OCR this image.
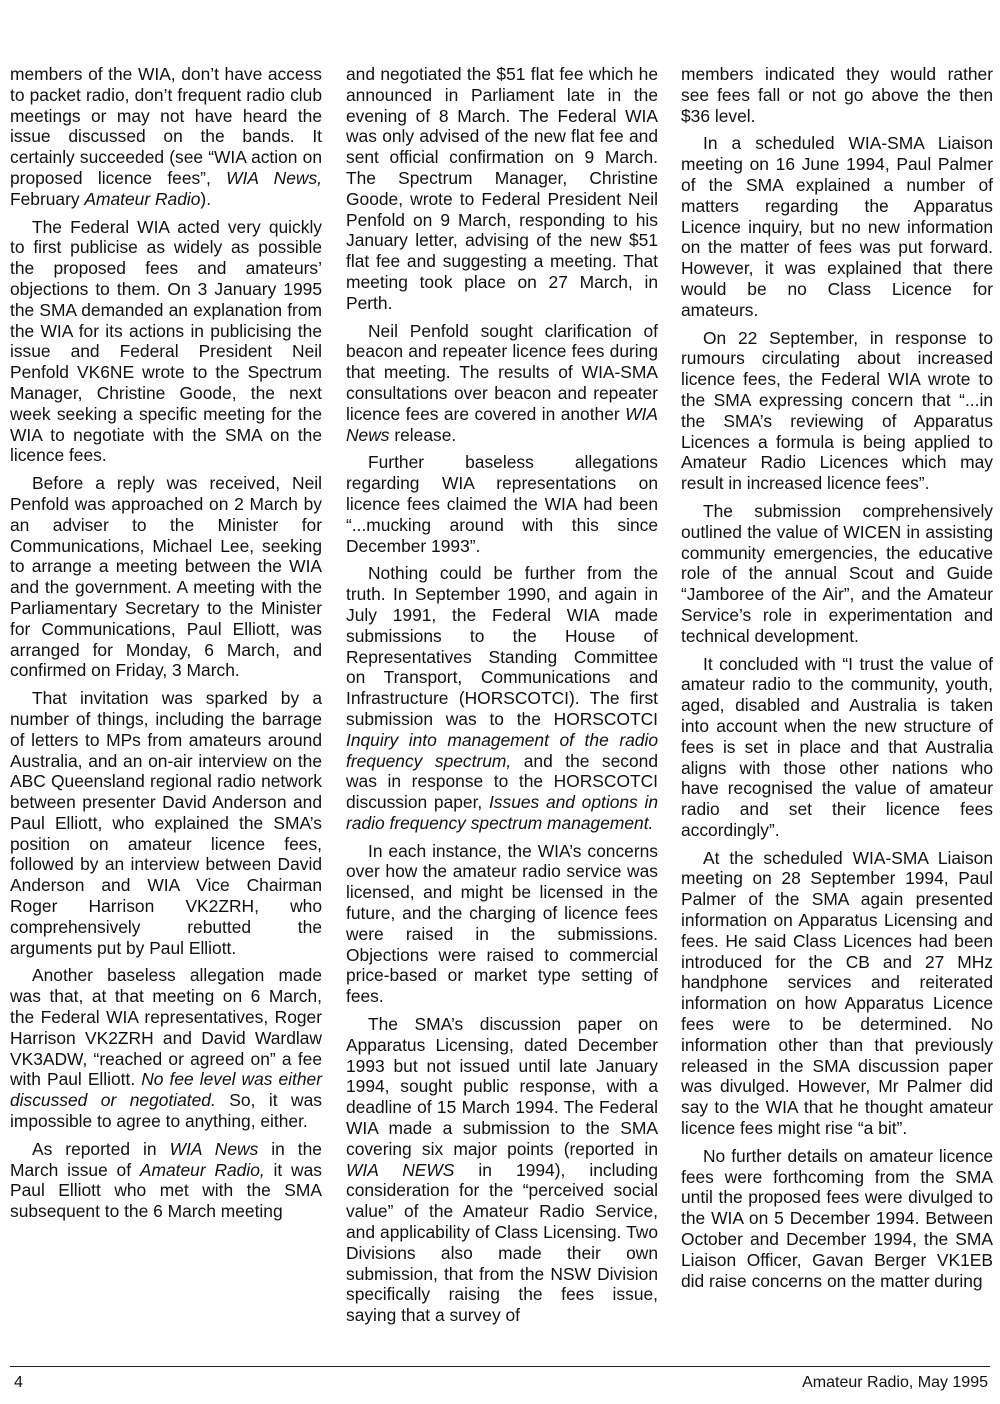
members of the WIA, don’t have access to packet radio, don’t frequent radio club meetings or may not have heard the issue discussed on the bands. It certainly succeeded (see “WIA action on proposed licence fees”, WIA News, February Amateur Radio).

The Federal WIA acted very quickly to first publicise as widely as possible the proposed fees and amateurs’ objections to them. On 3 January 1995 the SMA demanded an explanation from the WIA for its actions in publicising the issue and Federal President Neil Penfold VK6NE wrote to the Spectrum Manager, Christine Goode, the next week seeking a specific meeting for the WIA to negotiate with the SMA on the licence fees.

Before a reply was received, Neil Penfold was approached on 2 March by an adviser to the Minister for Communications, Michael Lee, seeking to arrange a meeting between the WIA and the government. A meeting with the Parliamentary Secretary to the Minister for Communications, Paul Elliott, was arranged for Monday, 6 March, and confirmed on Friday, 3 March.

That invitation was sparked by a number of things, including the barrage of letters to MPs from amateurs around Australia, and an on-air interview on the ABC Queensland regional radio network between presenter David Anderson and Paul Elliott, who explained the SMA’s position on amateur licence fees, followed by an interview between David Anderson and WIA Vice Chairman Roger Harrison VK2ZRH, who comprehensively rebutted the arguments put by Paul Elliott.

Another baseless allegation made was that, at that meeting on 6 March, the Federal WIA representatives, Roger Harrison VK2ZRH and David Wardlaw VK3ADW, “reached or agreed on” a fee with Paul Elliott. No fee level was either discussed or negotiated. So, it was impossible to agree to anything, either.

As reported in WIA News in the March issue of Amateur Radio, it was Paul Elliott who met with the SMA subsequent to the 6 March meeting

and negotiated the $51 flat fee which he announced in Parliament late in the evening of 8 March. The Federal WIA was only advised of the new flat fee and sent official confirmation on 9 March. The Spectrum Manager, Christine Goode, wrote to Federal President Neil Penfold on 9 March, responding to his January letter, advising of the new $51 flat fee and suggesting a meeting. That meeting took place on 27 March, in Perth.

Neil Penfold sought clarification of beacon and repeater licence fees during that meeting. The results of WIA-SMA consultations over beacon and repeater licence fees are covered in another WIA News release.

Further baseless allegations regarding WIA representations on licence fees claimed the WIA had been “...mucking around with this since December 1993”.

Nothing could be further from the truth. In September 1990, and again in July 1991, the Federal WIA made submissions to the House of Representatives Standing Committee on Transport, Communications and Infrastructure (HORSCOTCI). The first submission was to the HORSCOTCI Inquiry into management of the radio frequency spectrum, and the second was in response to the HORSCOTCI discussion paper, Issues and options in radio frequency spectrum management.

In each instance, the WIA’s concerns over how the amateur radio service was licensed, and might be licensed in the future, and the charging of licence fees were raised in the submissions. Objections were raised to commercial price-based or market type setting of fees.

The SMA’s discussion paper on Apparatus Licensing, dated December 1993 but not issued until late January 1994, sought public response, with a deadline of 15 March 1994. The Federal WIA made a submission to the SMA covering six major points (reported in WIA NEWS in 1994), including consideration for the “perceived social value” of the Amateur Radio Service, and applicability of Class Licensing. Two Divisions also made their own submission, that from the NSW Division specifically raising the fees issue, saying that a survey of

members indicated they would rather see fees fall or not go above the then $36 level.

In a scheduled WIA-SMA Liaison meeting on 16 June 1994, Paul Palmer of the SMA explained a number of matters regarding the Apparatus Licence inquiry, but no new information on the matter of fees was put forward. However, it was explained that there would be no Class Licence for amateurs.

On 22 September, in response to rumours circulating about increased licence fees, the Federal WIA wrote to the SMA expressing concern that “...in the SMA’s reviewing of Apparatus Licences a formula is being applied to Amateur Radio Licences which may result in increased licence fees”.

The submission comprehensively outlined the value of WICEN in assisting community emergencies, the educative role of the annual Scout and Guide “Jamboree of the Air”, and the Amateur Service’s role in experimentation and technical development.

It concluded with “I trust the value of amateur radio to the community, youth, aged, disabled and Australia is taken into account when the new structure of fees is set in place and that Australia aligns with those other nations who have recognised the value of amateur radio and set their licence fees accordingly”.

At the scheduled WIA-SMA Liaison meeting on 28 September 1994, Paul Palmer of the SMA again presented information on Apparatus Licensing and fees. He said Class Licences had been introduced for the CB and 27 MHz handphone services and reiterated information on how Apparatus Licence fees were to be determined. No information other than that previously released in the SMA discussion paper was divulged. However, Mr Palmer did say to the WIA that he thought amateur licence fees might rise “a bit”.

No further details on amateur licence fees were forthcoming from the SMA until the proposed fees were divulged to the WIA on 5 December 1994. Between October and December 1994, the SMA Liaison Officer, Gavan Berger VK1EB did raise concerns on the matter during

4	Amateur Radio, May 1995
